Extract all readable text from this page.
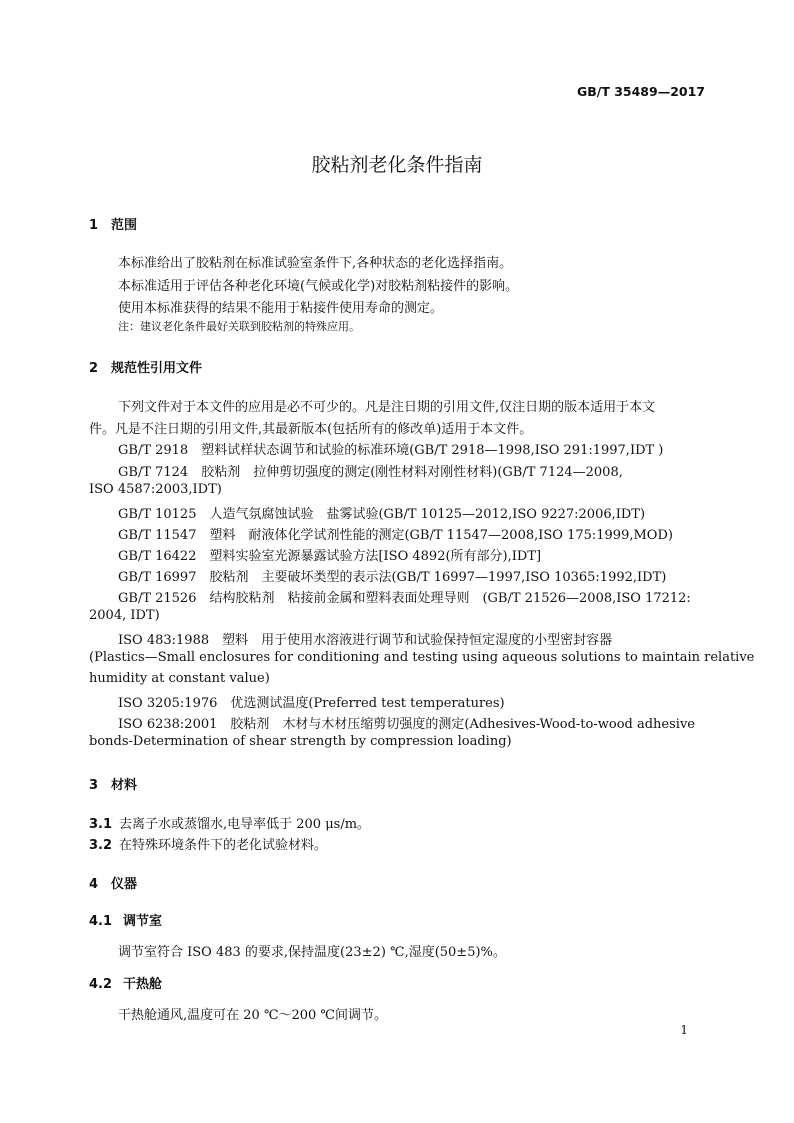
GB/T 35489—2017
胶粘剂老化条件指南
1 范围
本标准给出了胶粘剂在标准试验室条件下,各种状态的老化选择指南。
本标准适用于评估各种老化环境(气候或化学)对胶粘剂粘接件的影响。
使用本标准获得的结果不能用于粘接件使用寿命的测定。
注：建议老化条件最好关联到胶粘剂的特殊应用。
2 规范性引用文件
下列文件对于本文件的应用是必不可少的。凡是注日期的引用文件,仅注日期的版本适用于本文
件。凡是不注日期的引用文件,其最新版本(包括所有的修改单)适用于本文件。
GB/T 2918　塑料试样状态调节和试验的标准环境(GB/T 2918—1998,ISO 291:1997,IDT )
GB/T 7124　胶粘剂　拉伸剪切强度的测定(刚性材料对刚性材料)(GB/T 7124—2008,
ISO 4587:2003,IDT)
GB/T 10125　人造气氛腐蚀试验　盐雾试验(GB/T 10125—2012,ISO 9227:2006,IDT)
GB/T 11547　塑料　耐液体化学试剂性能的测定(GB/T 11547—2008,ISO 175:1999,MOD)
GB/T 16422　塑料实验室光源暴露试验方法[ISO 4892(所有部分),IDT]
GB/T 16997　胶粘剂　主要破坏类型的表示法(GB/T 16997—1997,ISO 10365:1992,IDT)
GB/T 21526　结构胶粘剂　粘接前金属和塑料表面处理导则　(GB/T 21526—2008,ISO 17212:
2004, IDT)
ISO 483:1988　塑料　用于使用水溶液进行调节和试验保持恒定湿度的小型密封容器
(Plastics—Small enclosures for conditioning and testing using aqueous solutions to maintain relative
humidity at constant value)
ISO 3205:1976　优选测试温度(Preferred test temperatures)
ISO 6238:2001　胶粘剂　木材与木材压缩剪切强度的测定(Adhesives-Wood-to-wood adhesive
bonds-Determination of shear strength by compression loading)
3 材料
3.1 去离子水或蒸馏水,电导率低于 200 μs/m。
3.2 在特殊环境条件下的老化试验材料。
4 仪器
4.1 调节室
调节室符合 ISO 483 的要求,保持温度(23±2) ℃,湿度(50±5)%。
4.2 干热舱
干热舱通风,温度可在 20 ℃～200 ℃间调节。
1
